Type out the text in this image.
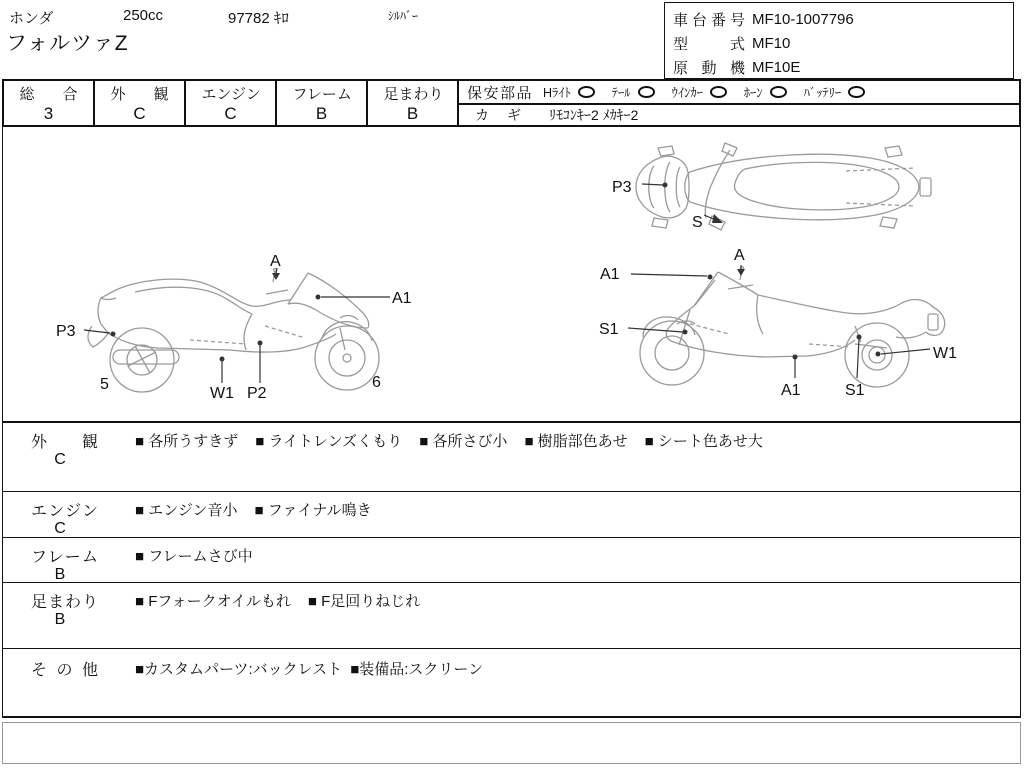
ホンダ	250cc	97782 ｷﾛ	ｼﾙﾊﾞｰ
フォルツァZ
車台番号 MF10-1007796
型式 MF10
原動機 MF10E
総合
3
外観
C
エンジン
C
フレーム
B
足まわり
B
保安部品 Hﾗｲﾄ	ﾃｰﾙ	ｳｲﾝｶｰ	ﾎｰﾝ	ﾊﾞｯﾃﾘｰ
カギ ﾘﾓｺﾝｷｰ2 ﾒｶｷｰ2
P3
S
A
A1
P3
5
W1 P2
6
A1
A
S1
W1
A1	S1
外観
C
■ 各所うすきず ■ ライトレンズくもり ■ 各所さび小 ■ 樹脂部色あせ ■ シート色あせ大
エンジン
C
■ エンジン音小 ■ ファイナル鳴き
フレーム
B
■ フレームさび中
足まわり
B
■ Fフォークオイルもれ ■ F足回りねじれ
その他 ■カスタムパーツ:バックレスト ■装備品:スクリーン
